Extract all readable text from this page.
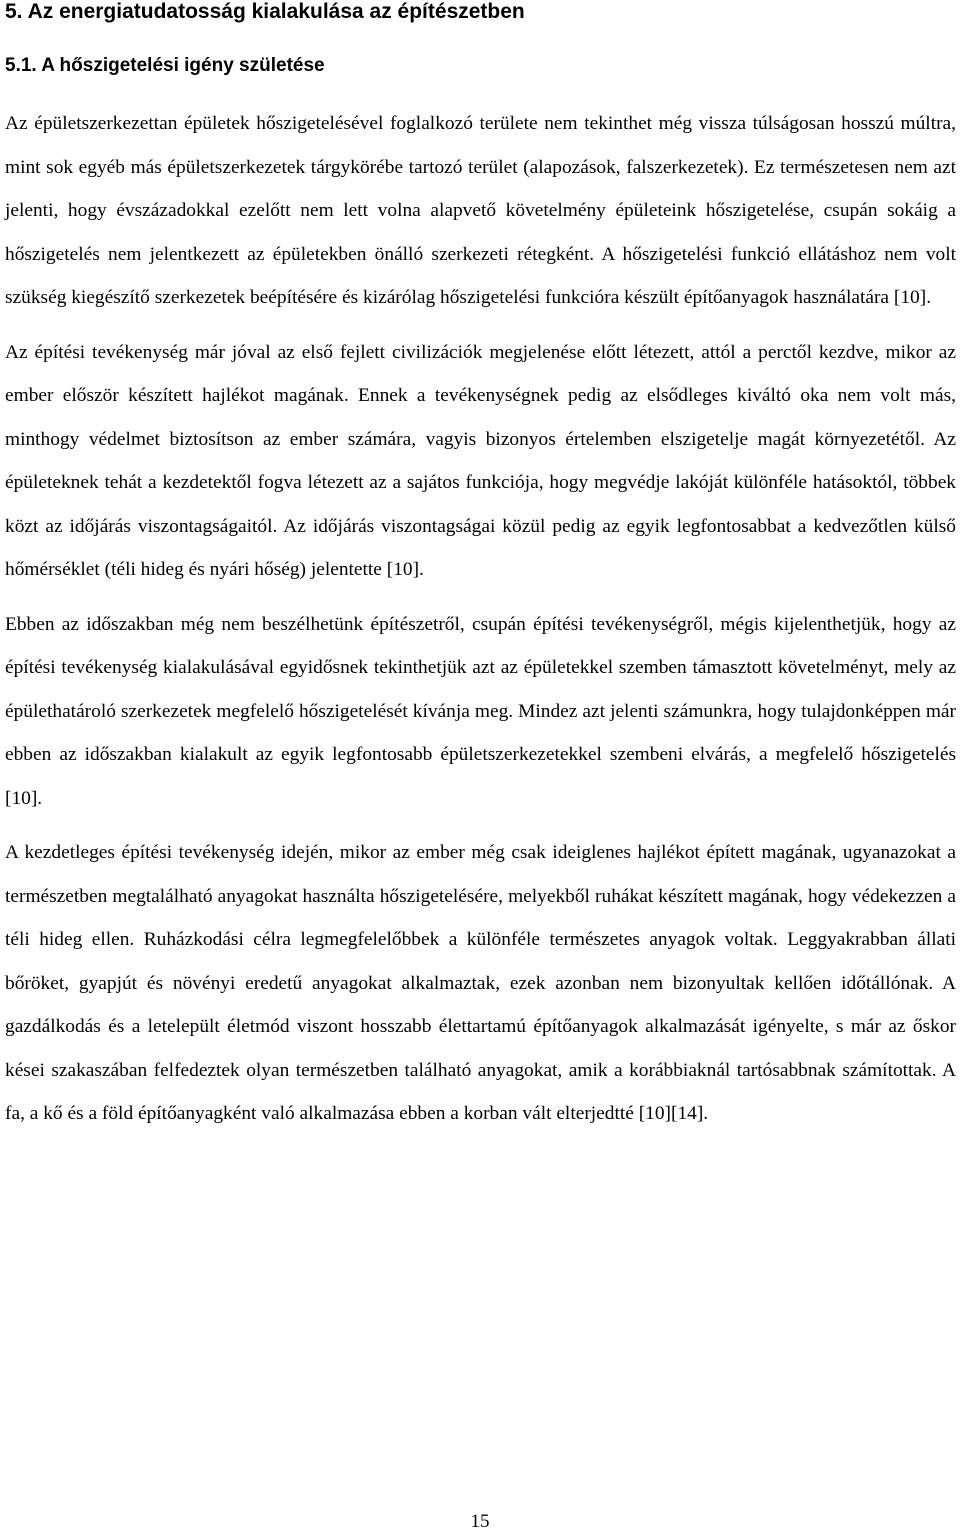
5. Az energiatudatosság kialakulása az építészetben
5.1. A hőszigetelési igény születése

Az épületszerkezettan épületek hőszigetelésével foglalkozó területe nem tekinthet még vissza túlságosan hosszú múltra, mint sok egyéb más épületszerkezetek tárgykörébe tartozó terület (alapozások, falszerkezetek). Ez természetesen nem azt jelenti, hogy évszázadokkal ezelőtt nem lett volna alapvető követelmény épületeink hőszigetelése, csupán sokáig a hőszigetelés nem jelentkezett az épületekben önálló szerkezeti rétegként. A hőszigetelési funkció ellátáshoz nem volt szükség kiegészítő szerkezetek beépítésére és kizárólag hőszigetelési funkcióra készült építőanyagok használatára [10].

Az építési tevékenység már jóval az első fejlett civilizációk megjelenése előtt létezett, attól a perctől kezdve, mikor az ember először készített hajlékot magának. Ennek a tevékenységnek pedig az elsődleges kiváltó oka nem volt más, minthogy védelmet biztosítson az ember számára, vagyis bizonyos értelemben elszigetelje magát környezetétől. Az épületeknek tehát a kezdetektől fogva létezett az a sajátos funkciója, hogy megvédje lakóját különféle hatásoktól, többek közt az időjárás viszontagságaitól. Az időjárás viszontagságai közül pedig az egyik legfontosabbat a kedvezőtlen külső hőmérséklet (téli hideg és nyári hőség) jelentette [10].

Ebben az időszakban még nem beszélhetünk építészetről, csupán építési tevékenységről, mégis kijelenthetjük, hogy az építési tevékenység kialakulásával egyidősnek tekinthetjük azt az épületekkel szemben támasztott követelményt, mely az épülethatároló szerkezetek megfelelő hőszigetelését kívánja meg. Mindez azt jelenti számunkra, hogy tulajdonképpen már ebben az időszakban kialakult az egyik legfontosabb épületszerkezetekkel szembeni elvárás, a megfelelő hőszigetelés [10].

A kezdetleges építési tevékenység idején, mikor az ember még csak ideiglenes hajlékot épített magának, ugyanazokat a természetben megtalálható anyagokat használta hőszigetelésére, melyekből ruhákat készített magának, hogy védekezzen a téli hideg ellen. Ruházkodási célra legmegfelelőbbek a különféle természetes anyagok voltak. Leggyakrabban állati bőröket, gyapjút és növényi eredetű anyagokat alkalmaztak, ezek azonban nem bizonyultak kellően időtállónak. A gazdálkodás és a letelepült életmód viszont hosszabb élettartamú építőanyagok alkalmazását igényelte, s már az őskor kései szakaszában felfedeztek olyan természetben található anyagokat, amik a korábbiaknál tartósabbnak számítottak. A fa, a kő és a föld építőanyagként való alkalmazása ebben a korban vált elterjedtté [10][14].

15
